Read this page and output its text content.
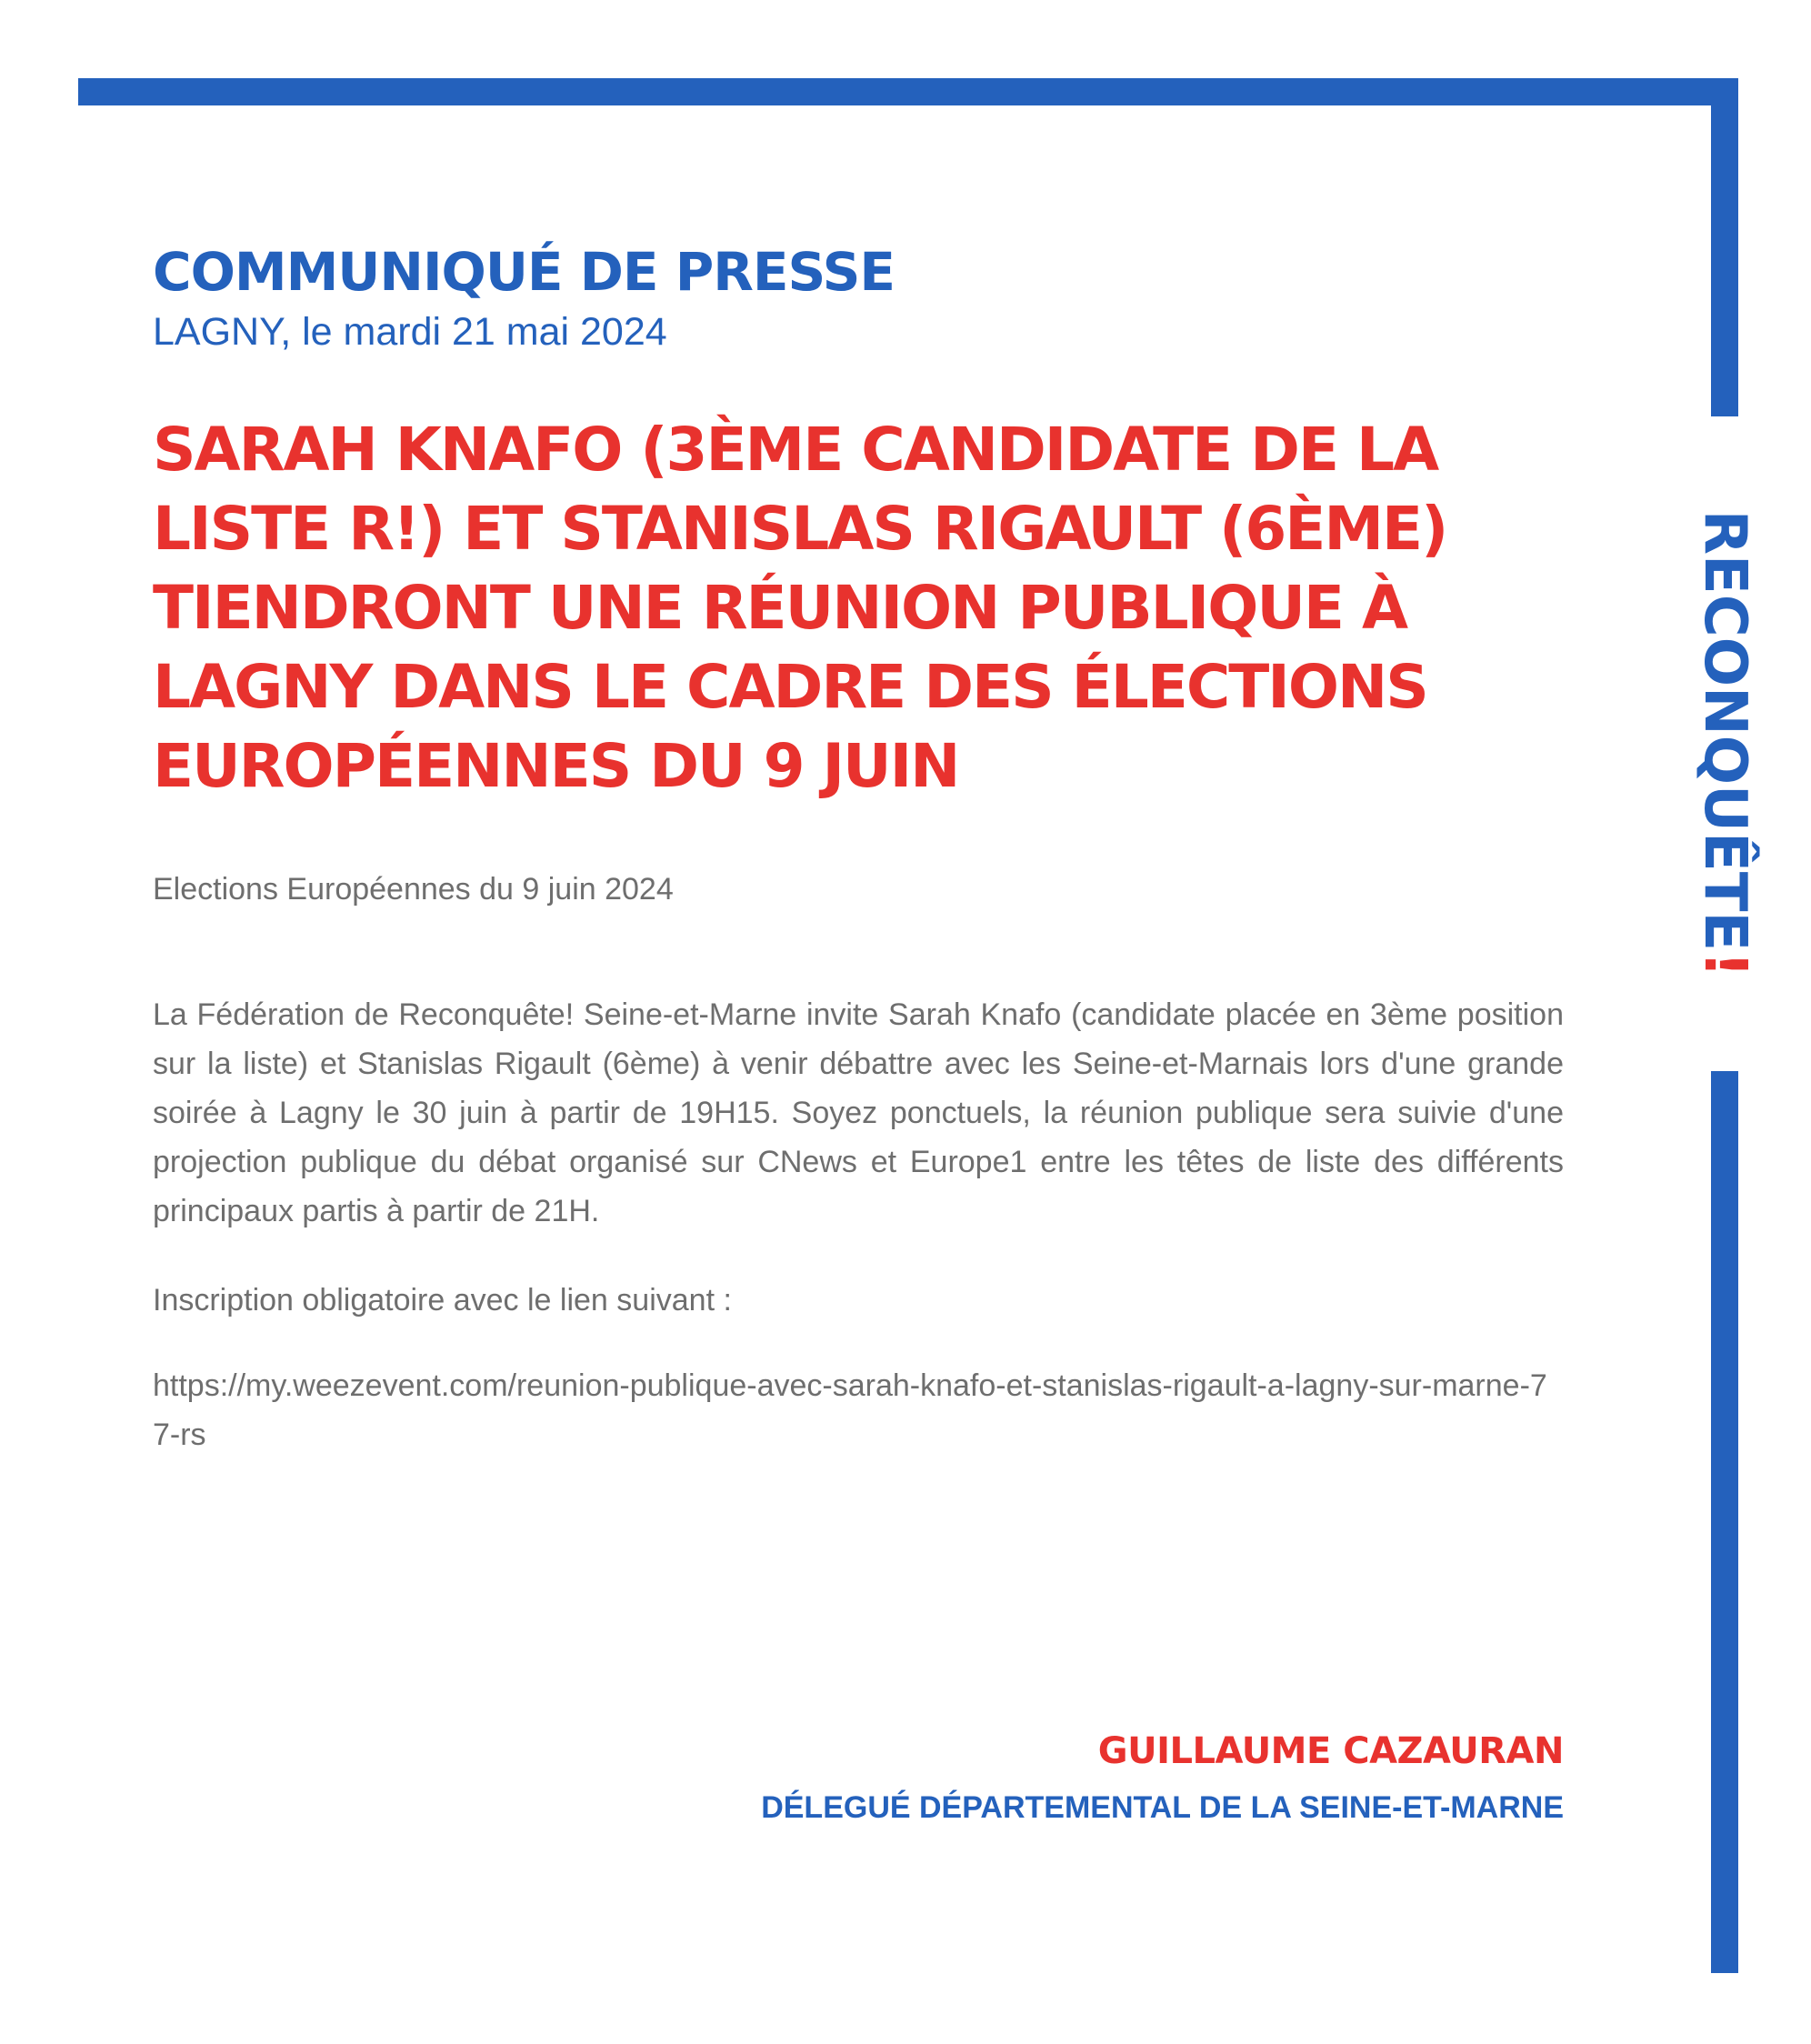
RECONQUÊTE!
COMMUNIQUÉ DE PRESSE

LAGNY, le mardi 21 mai 2024

SARAH KNAFO (3ÈME CANDIDATE DE LA LISTE R!) ET STANISLAS RIGAULT (6ÈME) TIENDRONT UNE RÉUNION PUBLIQUE À LAGNY DANS LE CADRE DES ÉLECTIONS EUROPÉENNES DU 9 JUIN

Elections Européennes du 9 juin 2024

La Fédération de Reconquête! Seine-et-Marne invite Sarah Knafo (candidate placée en 3ème position sur la liste) et Stanislas Rigault (6ème) à venir débattre avec les Seine-et-Marnais lors d'une grande soirée à Lagny le 30 juin à partir de 19H15. Soyez ponctuels, la réunion publique sera suivie d'une projection publique du débat organisé sur CNews et Europe1 entre les têtes de liste des différents principaux partis à partir de 21H.

Inscription obligatoire avec le lien suivant :

https://my.weezevent.com/reunion-publique-avec-sarah-knafo-et-stanislas-rigault-a-lagny-sur-marne-77-rs

GUILLAUME CAZAURAN

DÉLEGUÉ DÉPARTEMENTAL DE LA SEINE-ET-MARNE
